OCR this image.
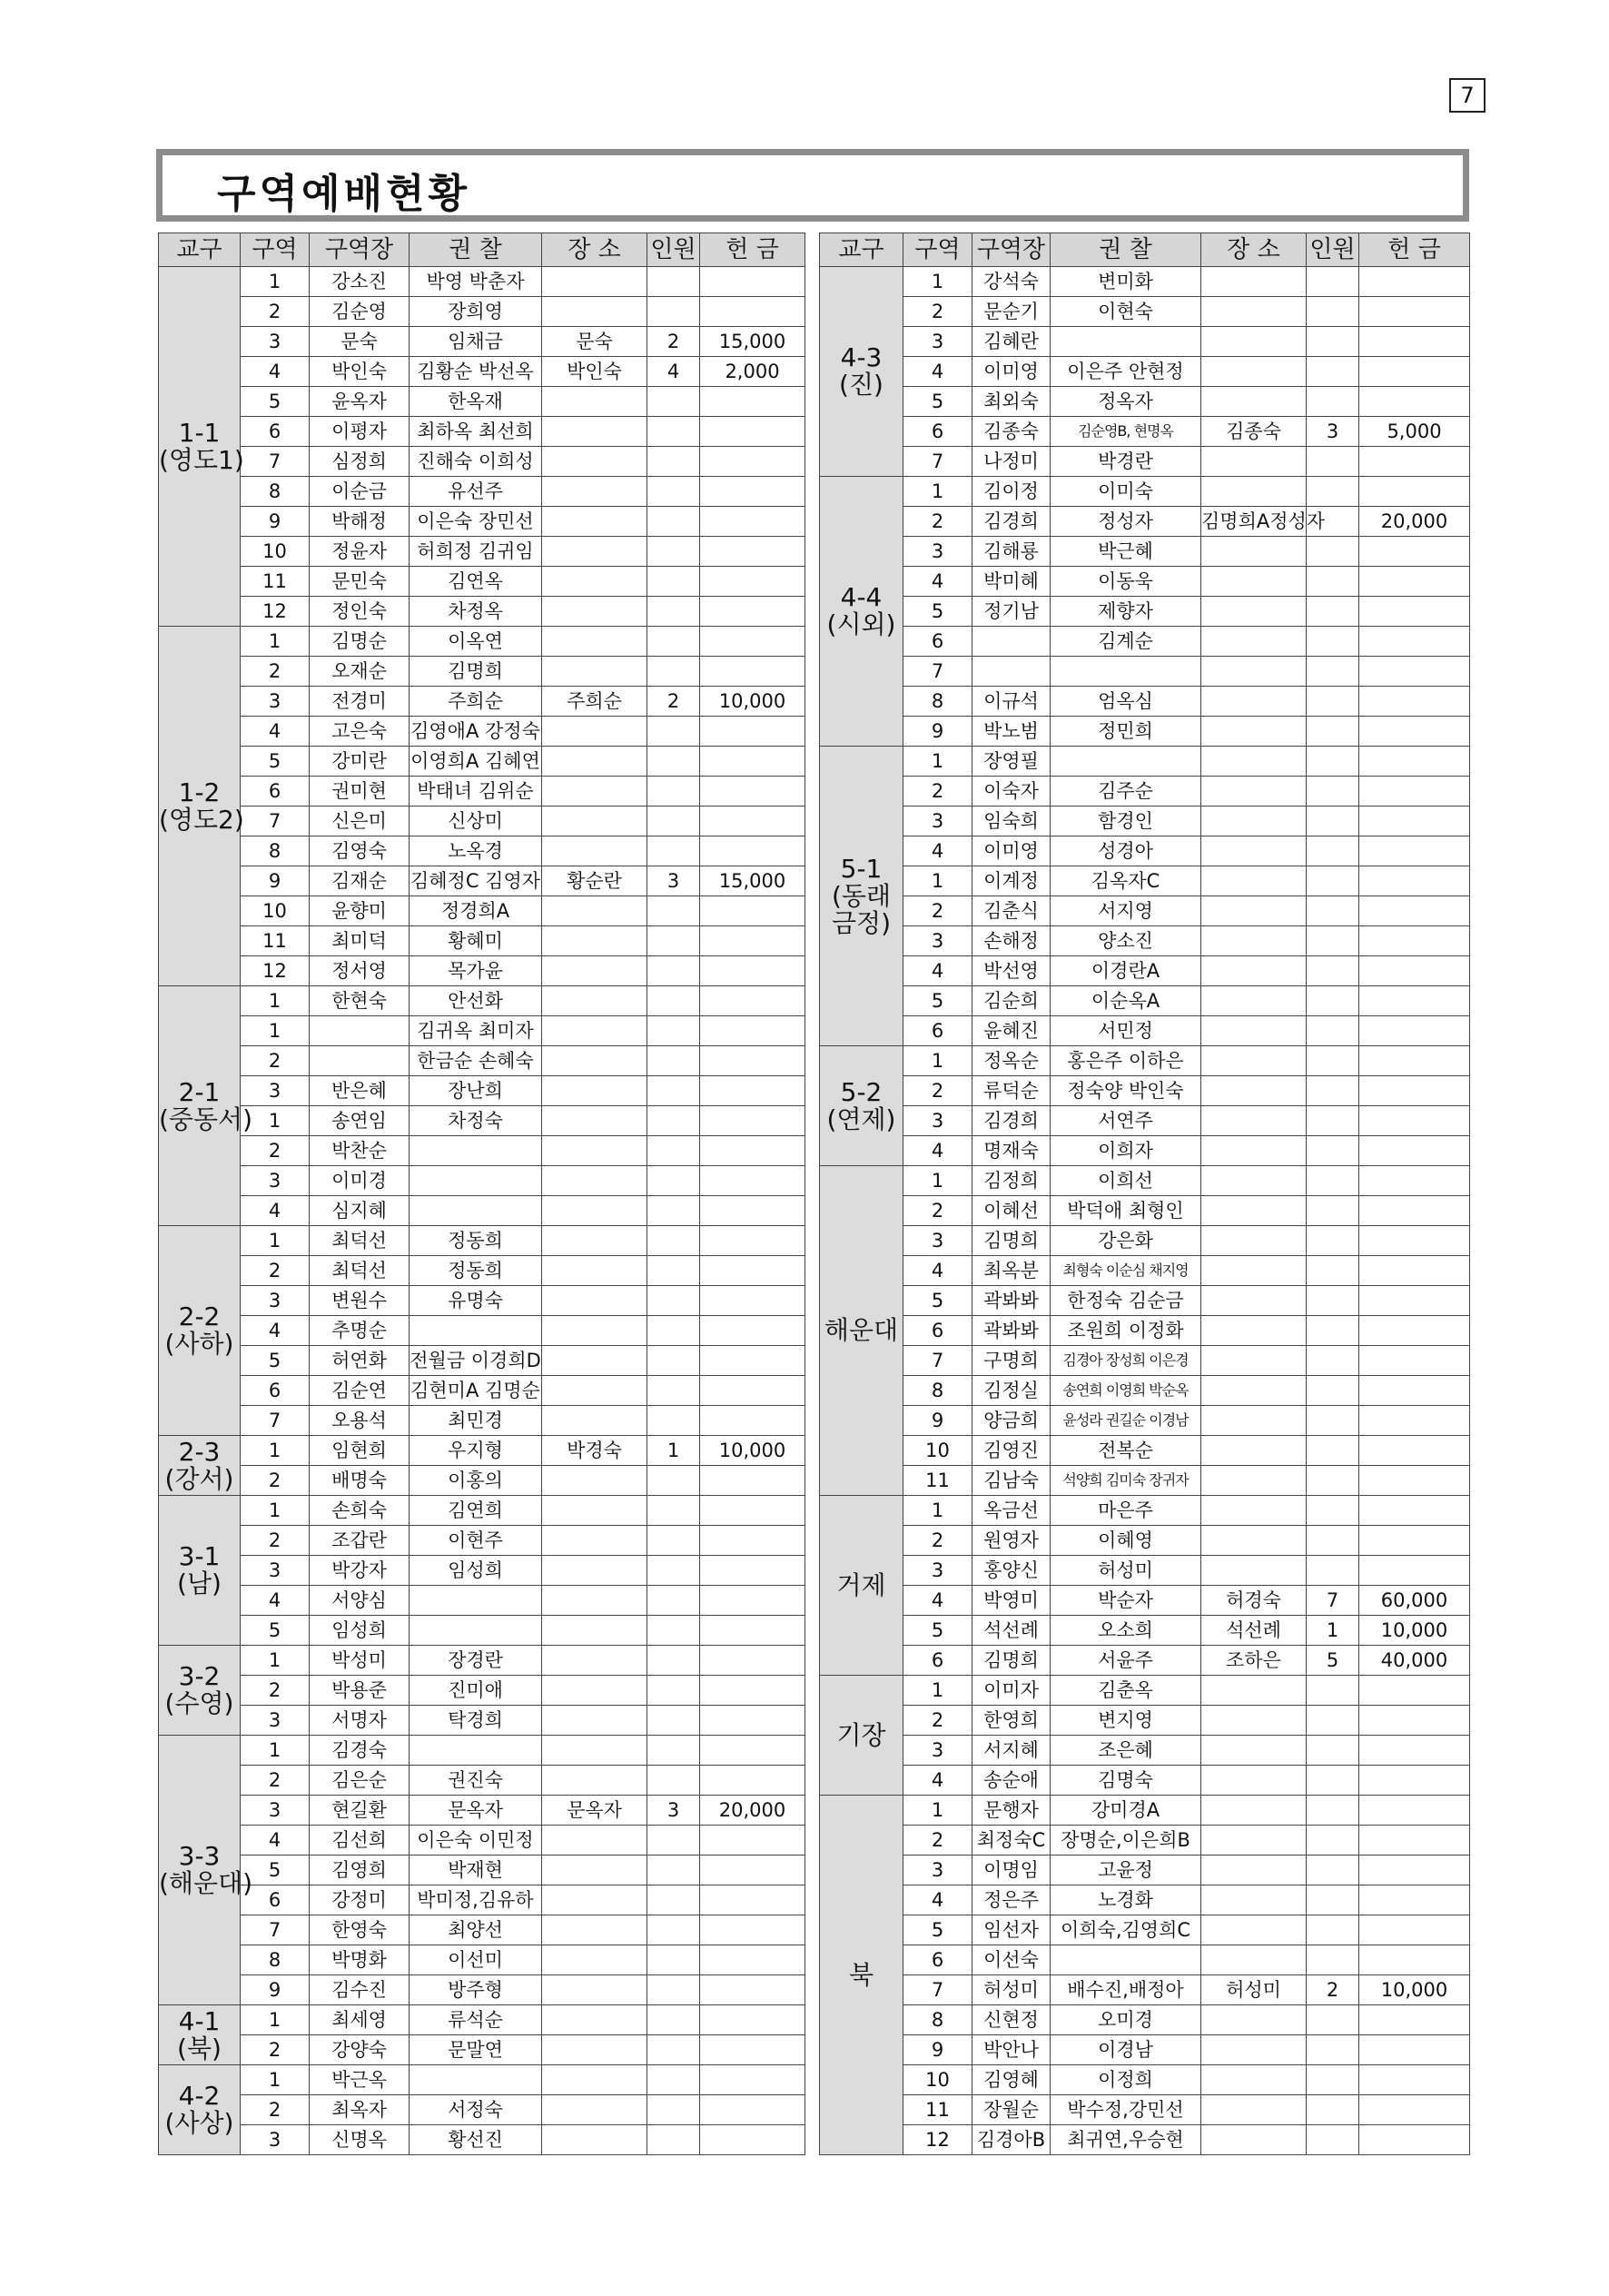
7
구역예배현황
교구	구역	구역장	권 찰	장 소	인원	헌 금

1-1
(영도1)	1	강소진	박영 박춘자			
	2	김순영	장희영			
	3	문숙	임채금	문숙	2	15,000
	4	박인숙	김황순 박선옥	박인숙	4	2,000
	5	윤옥자	한옥재			
	6	이평자	최하옥 최선희			
	7	심정희	진해숙 이희성			
	8	이순금	유선주			
	9	박해정	이은숙 장민선			
	10	정윤자	허희정 김귀임			
	11	문민숙	김연옥			
	12	정인숙	차정옥			

1-2
(영도2)	1	김명순	이옥연			
	2	오재순	김명희			
	3	전경미	주희순	주희순	2	10,000
	4	고은숙	김영애A 강정숙			
	5	강미란	이영희A 김혜연			
	6	권미현	박태녀 김위순			
	7	신은미	신상미			
	8	김영숙	노옥경			
	9	김재순	김혜정C 김영자	황순란	3	15,000
	10	윤향미	정경희A			
	11	최미덕	황혜미			
	12	정서영	목가윤			

2-1
(중동서)	1	한현숙	안선화			
	1		김귀옥 최미자			
	2		한금순 손혜숙			
	3	반은혜	장난희			
	1	송연임	차정숙			
	2	박찬순				
	3	이미경				
	4	심지혜				

2-2
(사하)	1	최덕선	정동희			
	2	최덕선	정동희			
	3	변원수	유명숙			
	4	추명순				
	5	허연화	전월금 이경희D			
	6	김순연	김현미A 김명순			
	7	오용석	최민경			

2-3
(강서)	1	임현희	우지형	박경숙	1	10,000
	2	배명숙	이홍의			

3-1
(남)	1	손희숙	김연희			
	2	조갑란	이현주			
	3	박강자	임성희			
	4	서양심				
	5	임성희				

3-2
(수영)	1	박성미	장경란			
	2	박용준	진미애			
	3	서명자	탁경희			

3-3
(해운대)	1	김경숙				
	2	김은순	권진숙			
	3	현길환	문옥자	문옥자	3	20,000
	4	김선희	이은숙 이민정			
	5	김영희	박재현			
	6	강정미	박미정,김유하			
	7	한영숙	최양선			
	8	박명화	이선미			
	9	김수진	방주형			

4-1
(북)	1	최세영	류석순			
	2	강양숙	문말연			

4-2
(사상)	1	박근옥				
	2	최옥자	서정숙			
	3	신명옥	황선진			
교구	구역	구역장	권 찰	장 소	인원	헌 금

4-3
(진)	1	강석숙	변미화			
	2	문순기	이현숙			
	3	김혜란				
	4	이미영	이은주 안현정			
	5	최외숙	정옥자			
	6	김종숙	김순영B, 현명옥	김종숙	3	5,000
	7	나정미	박경란			

4-4
(시외)	1	김이정	이미숙			
	2	김경희	정성자	김명희A정성자		20,000
	3	김해룡	박근혜			
	4	박미혜	이동욱			
	5	정기남	제향자			
	6		김계순			
	7					
	8	이규석	엄옥심			
	9	박노범	정민희			

5-1
(동래
금정)	1	장영필				
	2	이숙자	김주순			
	3	임숙희	함경인			
	4	이미영	성경아			
	1	이계정	김옥자C			
	2	김춘식	서지영			
	3	손해정	양소진			
	4	박선영	이경란A			
	5	김순희	이순옥A			
	6	윤혜진	서민정			

5-2
(연제)	1	정옥순	홍은주 이하은			
	2	류덕순	정숙양 박인숙			
	3	김경희	서연주			
	4	명재숙	이희자			

해운대	1	김정희	이희선			
	2	이혜선	박덕애 최형인			
	3	김명희	강은화			
	4	최옥분	최형숙 이순심 채지영			
	5	곽봐봐	한정숙 김순금			
	6	곽봐봐	조원희 이정화			
	7	구명희	김경아 장성희 이은경			
	8	김정실	송연희 이영희 박순옥			
	9	양금희	윤성라 권길순 이경남			
	10	김영진	전복순			
	11	김남숙	석양희 김미숙 장귀자			

거제	1	옥금선	마은주			
	2	원영자	이혜영			
	3	홍양신	허성미			
	4	박영미	박순자	허경숙	7	60,000
	5	석선례	오소희	석선례	1	10,000
	6	김명희	서윤주	조하은	5	40,000

기장	1	이미자	김춘옥			
	2	한영희	변지영			
	3	서지혜	조은혜			
	4	송순애	김명숙			

북	1	문행자	강미경A			
	2	최정숙C	장명순,이은희B			
	3	이명임	고윤정			
	4	정은주	노경화			
	5	임선자	이희숙,김영희C			
	6	이선숙				
	7	허성미	배수진,배정아	허성미	2	10,000
	8	신현정	오미경			
	9	박안나	이경남			
	10	김영혜	이정희			
	11	장월순	박수정,강민선			
	12	김경아B	최귀연,우승현			
